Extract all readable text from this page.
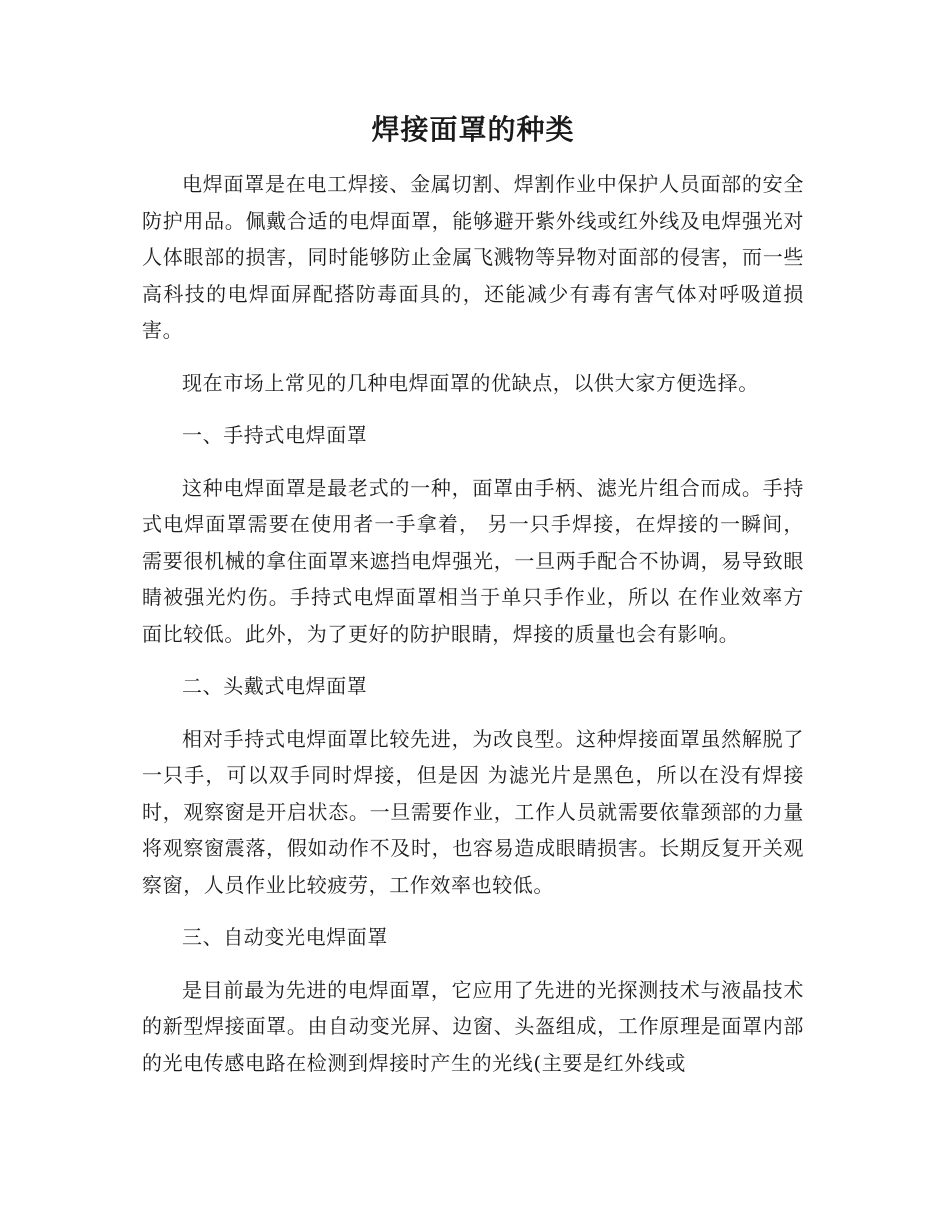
焊接面罩的种类

电焊面罩是在电工焊接、金属切割、焊割作业中保护人员面部的安全防护用品。佩戴合适的电焊面罩，能够避开紫外线或红外线及电焊强光对人体眼部的损害，同时能够防止金属飞溅物等异物对面部的侵害，而一些高科技的电焊面屏配搭防毒面具的，还能减少有毒有害气体对呼吸道损害。

现在市场上常见的几种电焊面罩的优缺点，以供大家方便选择。

一、手持式电焊面罩

这种电焊面罩是最老式的一种，面罩由手柄、滤光片组合而成。手持式电焊面罩需要在使用者一手拿着， 另一只手焊接，在焊接的一瞬间，需要很机械的拿住面罩来遮挡电焊强光，一旦两手配合不协调，易导致眼睛被强光灼伤。手持式电焊面罩相当于单只手作业，所以 在作业效率方面比较低。此外，为了更好的防护眼睛，焊接的质量也会有影响。

二、头戴式电焊面罩

相对手持式电焊面罩比较先进，为改良型。这种焊接面罩虽然解脱了一只手，可以双手同时焊接，但是因 为滤光片是黑色，所以在没有焊接时，观察窗是开启状态。一旦需要作业，工作人员就需要依靠颈部的力量将观察窗震落，假如动作不及时，也容易造成眼睛损害。长期反复开关观察窗，人员作业比较疲劳，工作效率也较低。

三、自动变光电焊面罩

是目前最为先进的电焊面罩，它应用了先进的光探测技术与液晶技术的新型焊接面罩。由自动变光屏、边窗、头盔组成，工作原理是面罩内部的光电传感电路在检测到焊接时产生的光线(主要是红外线或
